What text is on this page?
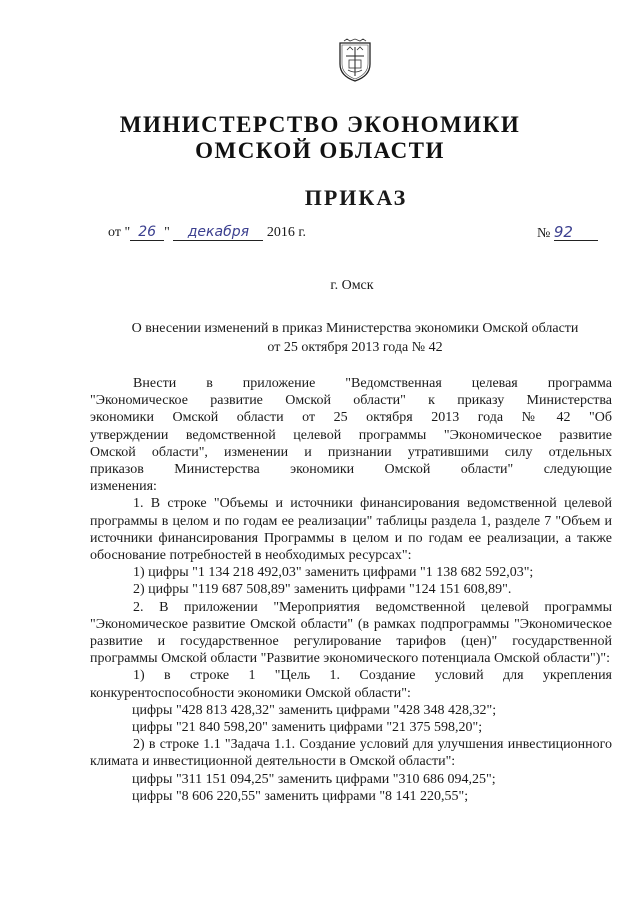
МИНИСТЕРСТВО ЭКОНОМИКИ
ОМСКОЙ ОБЛАСТИ
ПРИКАЗ
от " 26 " декабря 2016 г.	№ 92
г. Омск
О внесении изменений в приказ Министерства экономики Омской области
от 25 октября 2013 года № 42

Внести в приложение "Ведомственная целевая программа "Экономическое развитие Омской области" к приказу Министерства экономики Омской области от 25 октября 2013 года № 42 "Об утверждении ведомственной целевой программы "Экономическое развитие Омской области", изменении и признании утратившими силу отдельных приказов Министерства экономики Омской области" следующие изменения:

1. В строке "Объемы и источники финансирования ведомственной целевой программы в целом и по годам ее реализации" таблицы раздела 1, разделе 7 "Объем и источники финансирования Программы в целом и по годам ее реализации, а также обоснование потребностей в необходимых ресурсах":

1) цифры "1 134 218 492,03" заменить цифрами "1 138 682 592,03";

2) цифры "119 687 508,89" заменить цифрами "124 151 608,89".

2. В приложении "Мероприятия ведомственной целевой программы "Экономическое развитие Омской области" (в рамках подпрограммы "Экономическое развитие и государственное регулирование тарифов (цен)" государственной программы Омской области "Развитие экономического потенциала Омской области")":

1) в строке 1 "Цель 1. Создание условий для укрепления конкурентоспособности экономики Омской области":

цифры "428 813 428,32" заменить цифрами "428 348 428,32";

цифры "21 840 598,20" заменить цифрами "21 375 598,20";

2) в строке 1.1 "Задача 1.1. Создание условий для улучшения инвестиционного климата и инвестиционной деятельности в Омской области":

цифры "311 151 094,25" заменить цифрами "310 686 094,25";

цифры "8 606 220,55" заменить цифрами "8 141 220,55";
